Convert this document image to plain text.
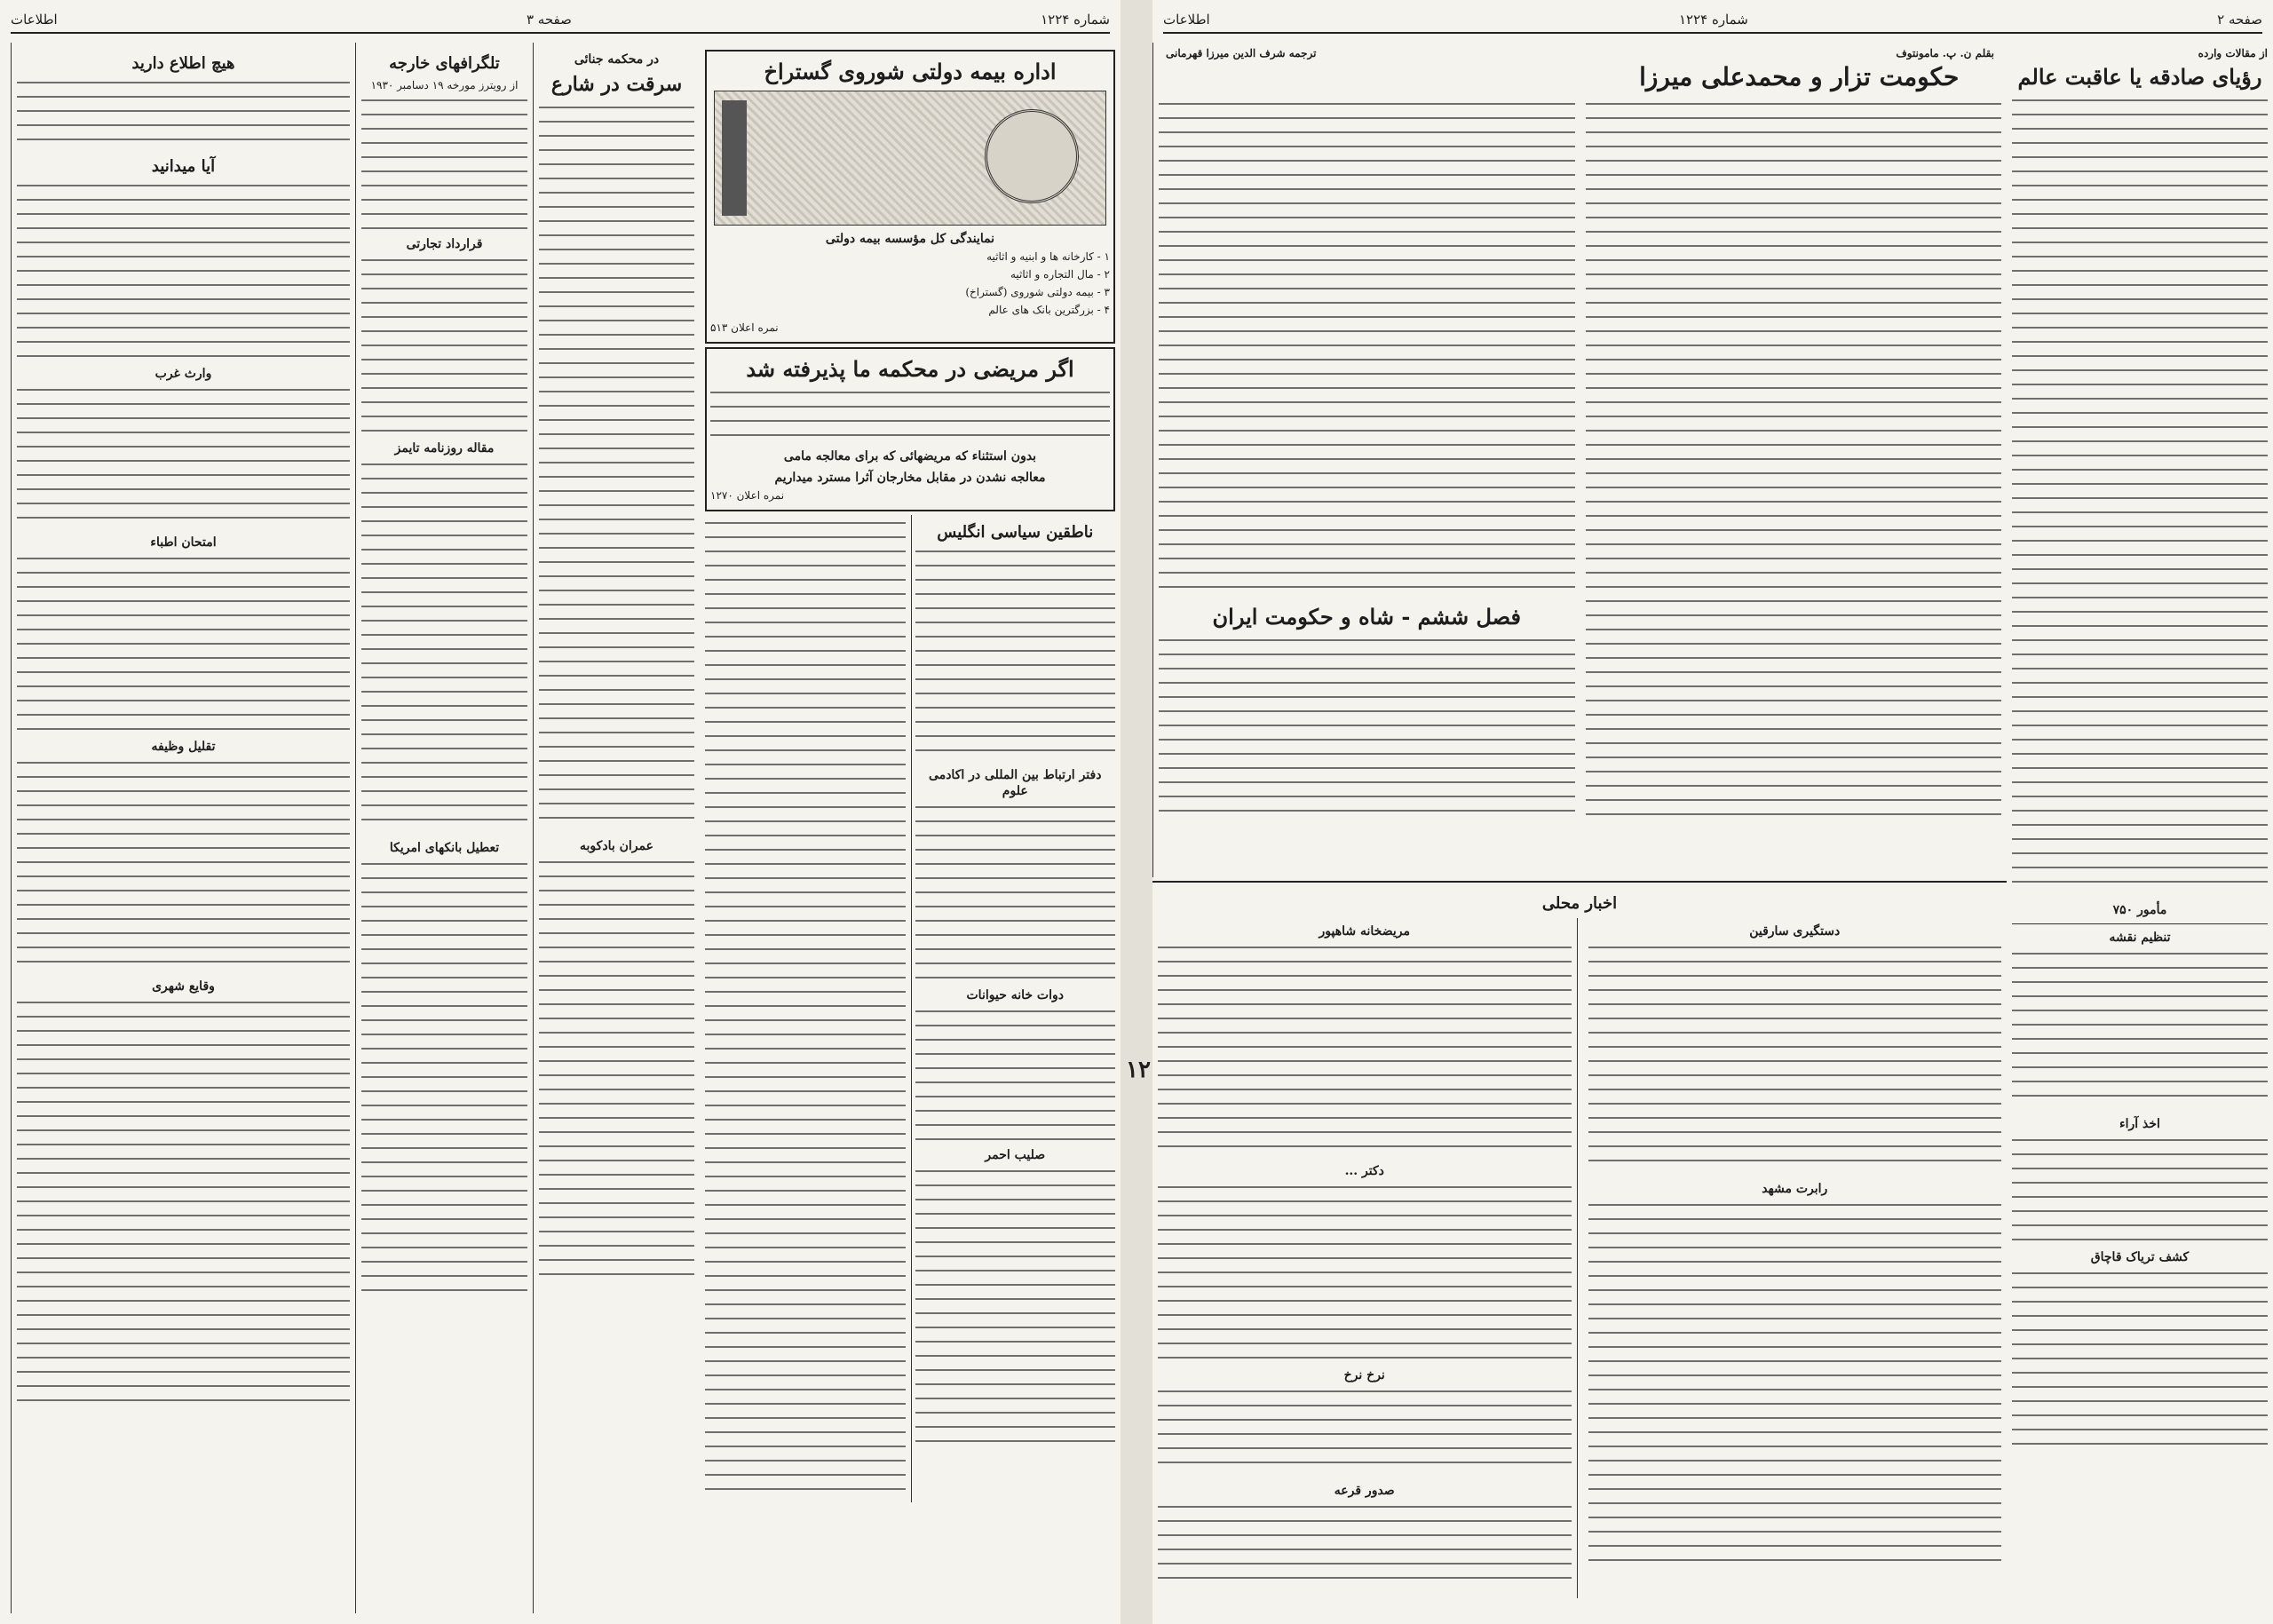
شماره ۱۲۲۴
صفحه ۳
اطلاعات
اداره بیمه دولتی شوروی گستراخ
نمایندگی کل مؤسسه بیمه دولتی

۱ - کارخانه ها و ابنیه و اثاثیه

۲ - مال التجاره و اثاثیه

۳ - بیمه دولتی شوروی (گستراخ)

۴ - بزرگترین بانک های عالم

نمره اعلان ۵۱۳

اگر مریضی در محکمه ما پذیرفته شد
بدون استثناء که مریضهائی که برای معالجه مامی
معالجه نشدن در مقابل مخارجان آثرا مسترد میداریم

نمره اعلان ۱۲۷۰

ناطقین سیاسی انگلیس
دفتر ارتباط بین المللی در اکادمی علوم
دوات خانه حیوانات
صلیب احمر
در محکمه جنائی
سرقت در شارع
عمران بادکوبه
تلگرافهای خارجه

از رویترز مورخه ۱۹ دسامبر ۱۹۳۰

قرارداد تجارتی
مقاله روزنامه تایمز
تعطیل بانکهای امریکا
هیچ اطلاع دارید
آیا میدانید
وارث غرب
امتحان اطباء
تقلیل وظیفه
وقایع شهری
۱۲
صفحه ۲
شماره ۱۲۲۴
اطلاعات

از مقالات وارده

رؤیای صادقه یا عاقبت عالم
مأمور ۷۵۰
تنظیم نقشه
اخذ آراء
کشف تریاک قاچاق
بقلم ن. پ. مامونتوف
ترجمه شرف الدین میرزا قهرمانی
حکومت تزار و محمدعلی میرزا
فصل ششم - شاه و حکومت ایران
اخبار محلی
دستگیری سارقین
رابرت مشهد
مریضخانه شاهپور
دکتر ...
نرخ نرخ
صدور قرعه
